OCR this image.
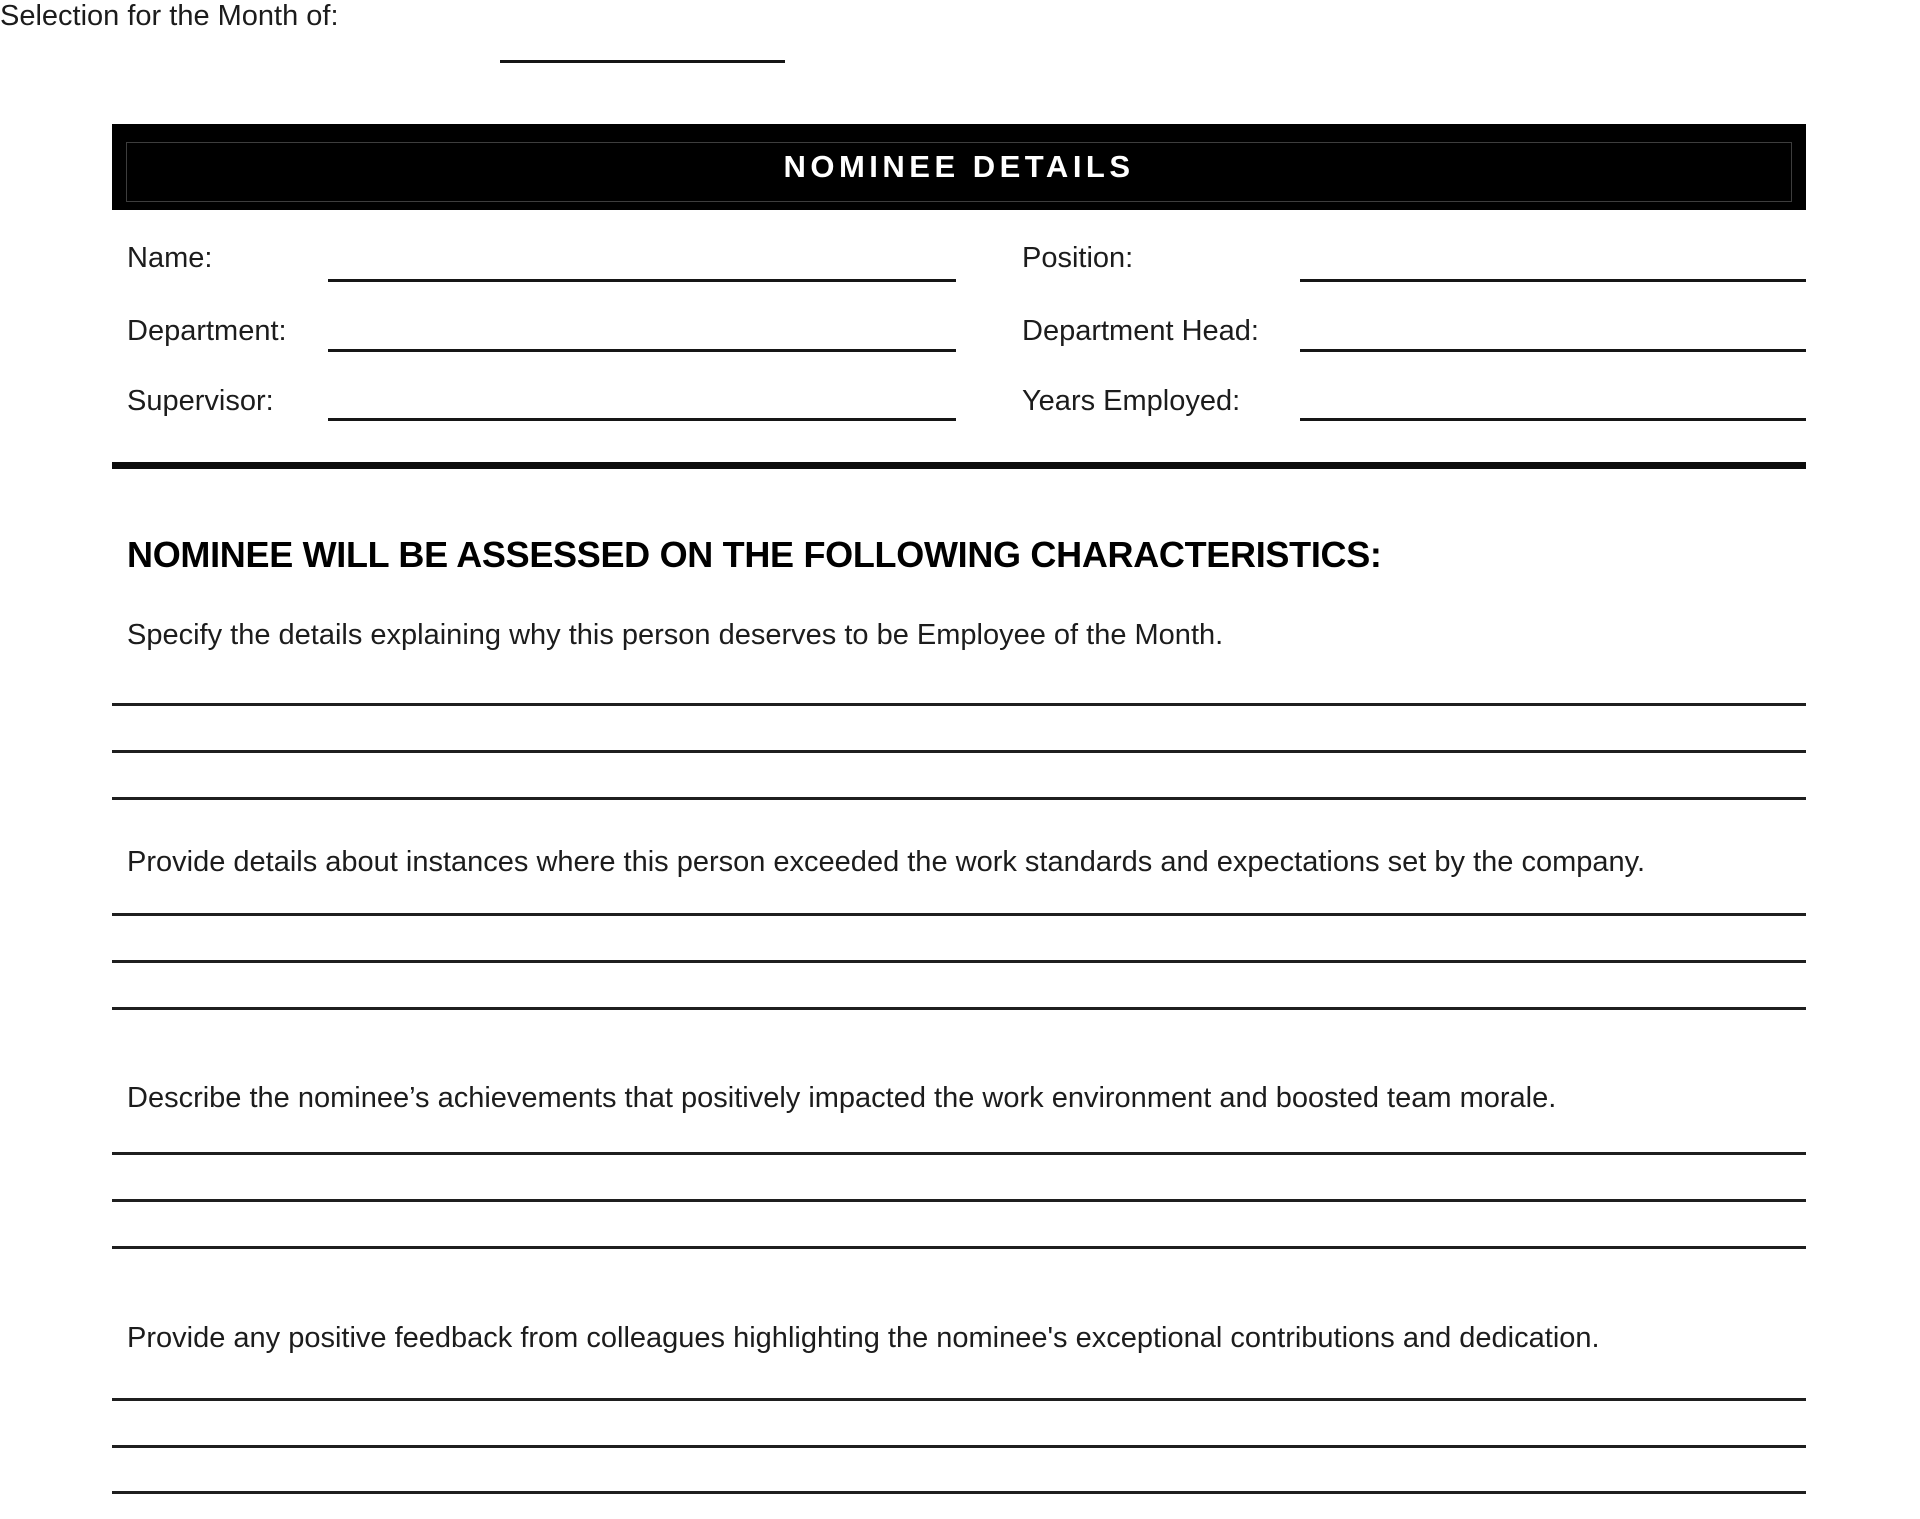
Selection for the Month of:
NOMINEE DETAILS
Name:	Position:
Department:	Department Head:
Supervisor:	Years Employed:
NOMINEE WILL BE ASSESSED ON THE FOLLOWING CHARACTERISTICS:
Specify the details explaining why this person deserves to be Employee of the Month.
Provide details about instances where this person exceeded the work standards and expectations set by the company.
Describe the nominee’s achievements that positively impacted the work environment and boosted team morale.
Provide any positive feedback from colleagues highlighting the nominee's exceptional contributions and dedication.
